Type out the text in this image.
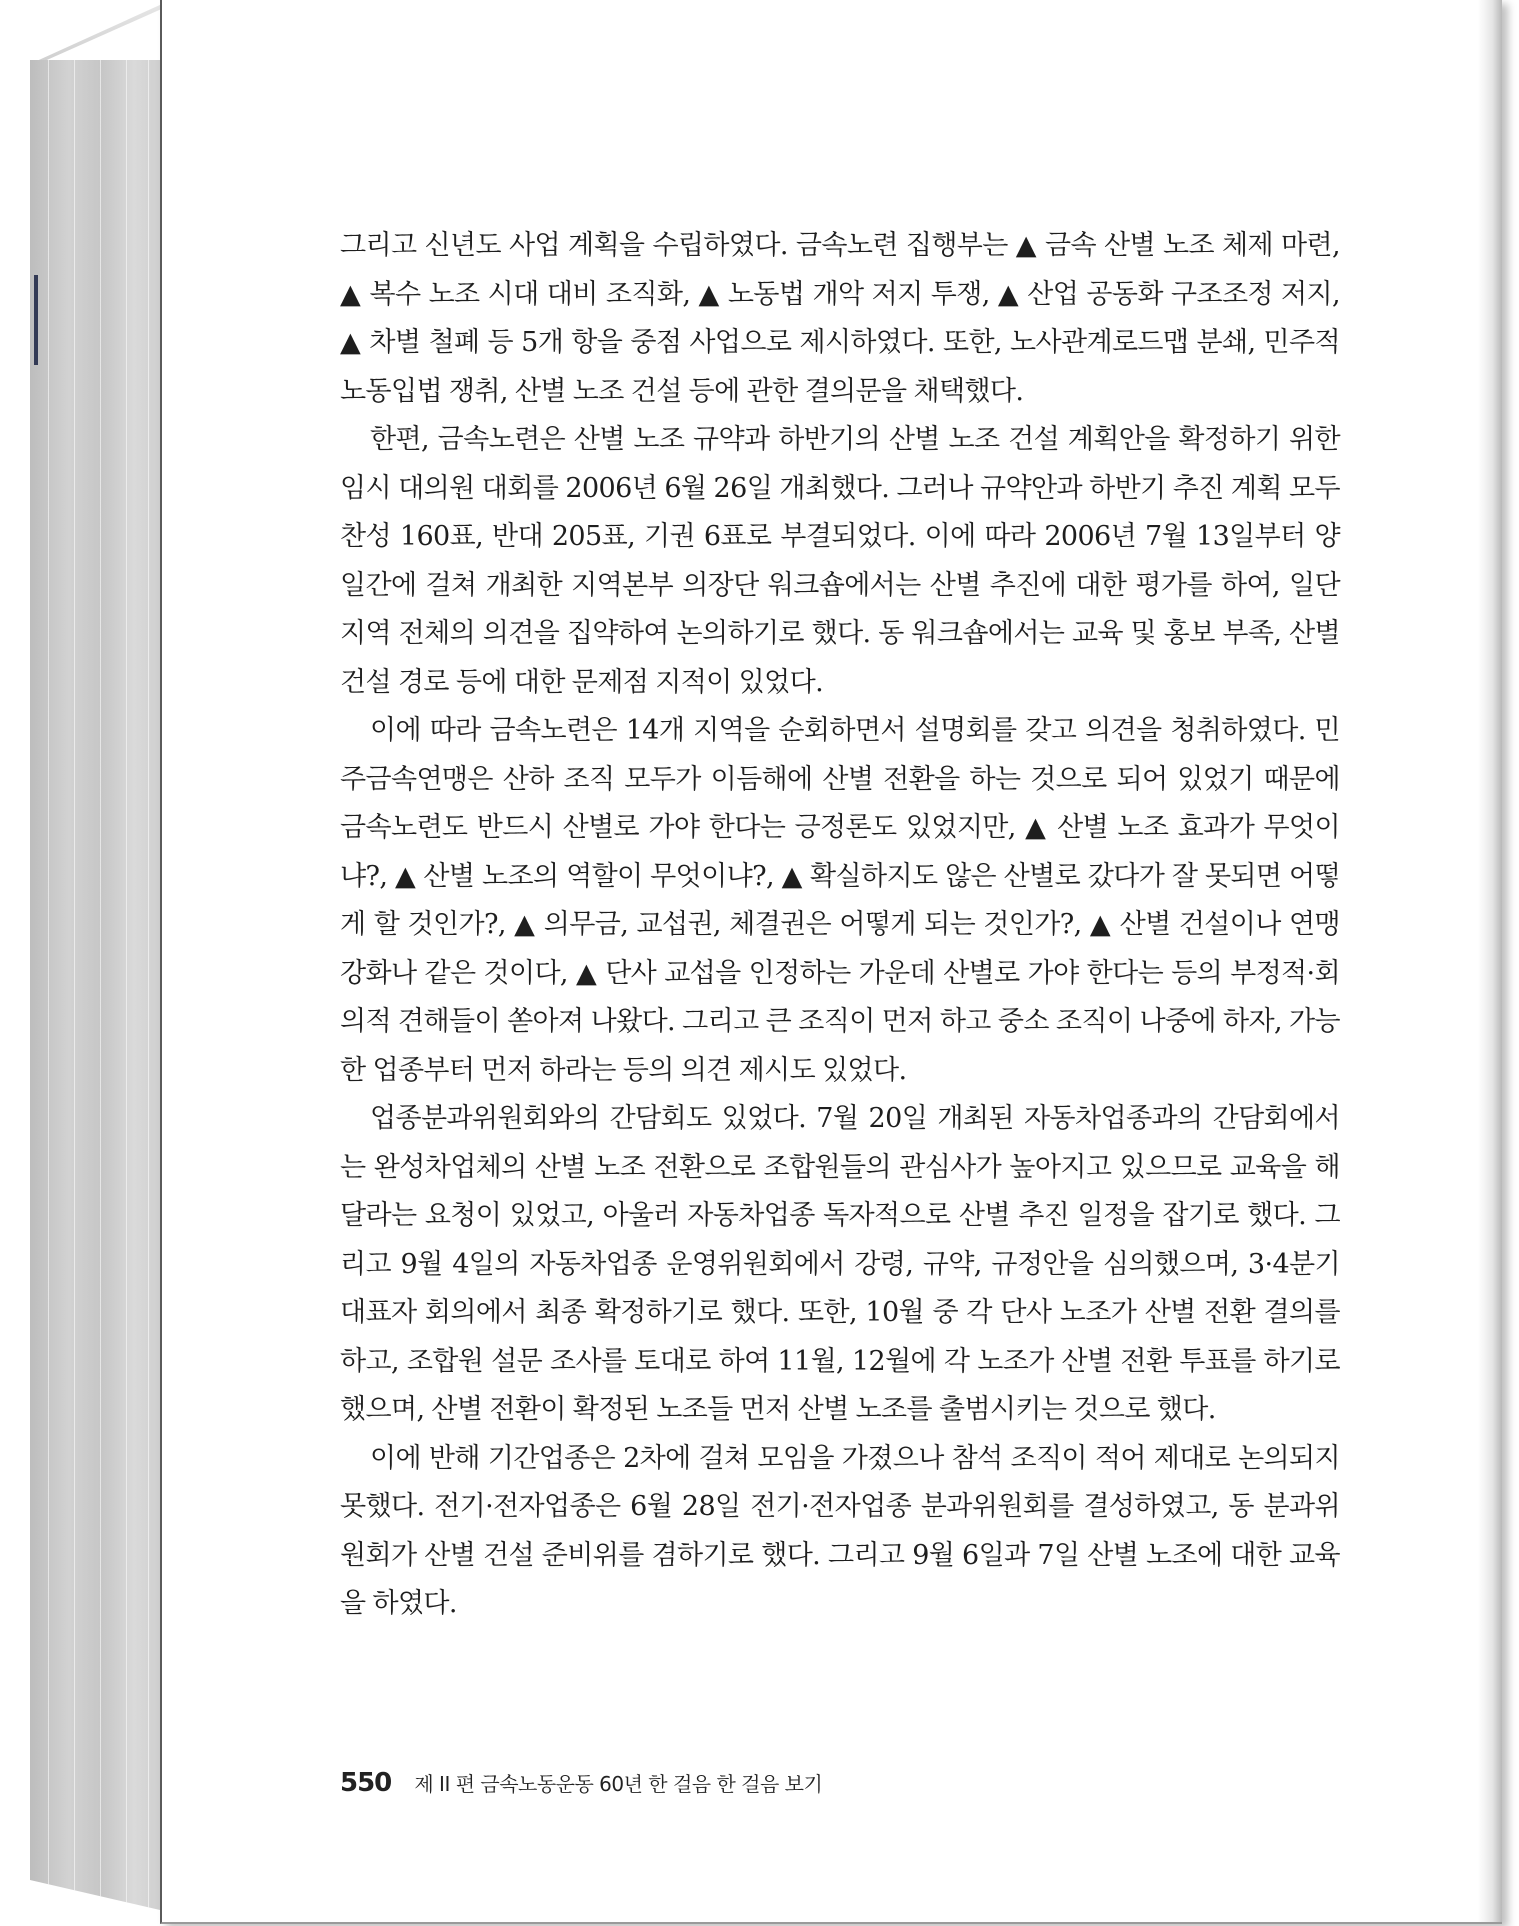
그리고 신년도 사업 계획을 수립하였다. 금속노련 집행부는 ▲ 금속 산별 노조 체제 마련, ▲ 복수 노조 시대 대비 조직화, ▲ 노동법 개악 저지 투쟁, ▲ 산업 공동화 구조조정 저지, ▲ 차별 철폐 등 5개 항을 중점 사업으로 제시하였다. 또한, 노사관계로드맵 분쇄, 민주적 노동입법 쟁취, 산별 노조 건설 등에 관한 결의문을 채택했다.

한편, 금속노련은 산별 노조 규약과 하반기의 산별 노조 건설 계획안을 확정하기 위한 임시 대의원 대회를 2006년 6월 26일 개최했다. 그러나 규약안과 하반기 추진 계획 모두 찬성 160표, 반대 205표, 기권 6표로 부결되었다. 이에 따라 2006년 7월 13일부터 양일간에 걸쳐 개최한 지역본부 의장단 워크숍에서는 산별 추진에 대한 평가를 하여, 일단 지역 전체의 의견을 집약하여 논의하기로 했다. 동 워크숍에서는 교육 및 홍보 부족, 산별 건설 경로 등에 대한 문제점 지적이 있었다.

이에 따라 금속노련은 14개 지역을 순회하면서 설명회를 갖고 의견을 청취하였다. 민주금속연맹은 산하 조직 모두가 이듬해에 산별 전환을 하는 것으로 되어 있었기 때문에 금속노련도 반드시 산별로 가야 한다는 긍정론도 있었지만, ▲ 산별 노조 효과가 무엇이냐?, ▲ 산별 노조의 역할이 무엇이냐?, ▲ 확실하지도 않은 산별로 갔다가 잘 못되면 어떻게 할 것인가?, ▲ 의무금, 교섭권, 체결권은 어떻게 되는 것인가?, ▲ 산별 건설이나 연맹 강화나 같은 것이다, ▲ 단사 교섭을 인정하는 가운데 산별로 가야 한다는 등의 부정적·회의적 견해들이 쏟아져 나왔다. 그리고 큰 조직이 먼저 하고 중소 조직이 나중에 하자, 가능한 업종부터 먼저 하라는 등의 의견 제시도 있었다.

업종분과위원회와의 간담회도 있었다. 7월 20일 개최된 자동차업종과의 간담회에서는 완성차업체의 산별 노조 전환으로 조합원들의 관심사가 높아지고 있으므로 교육을 해 달라는 요청이 있었고, 아울러 자동차업종 독자적으로 산별 추진 일정을 잡기로 했다. 그리고 9월 4일의 자동차업종 운영위원회에서 강령, 규약, 규정안을 심의했으며, 3·4분기 대표자 회의에서 최종 확정하기로 했다. 또한, 10월 중 각 단사 노조가 산별 전환 결의를 하고, 조합원 설문 조사를 토대로 하여 11월, 12월에 각 노조가 산별 전환 투표를 하기로 했으며, 산별 전환이 확정된 노조들 먼저 산별 노조를 출범시키는 것으로 했다.

이에 반해 기간업종은 2차에 걸쳐 모임을 가졌으나 참석 조직이 적어 제대로 논의되지 못했다. 전기·전자업종은 6월 28일 전기·전자업종 분과위원회를 결성하였고, 동 분과위원회가 산별 건설 준비위를 겸하기로 했다. 그리고 9월 6일과 7일 산별 노조에 대한 교육을 하였다.

550 제 II 편 금속노동운동 60년 한 걸음 한 걸음 보기
